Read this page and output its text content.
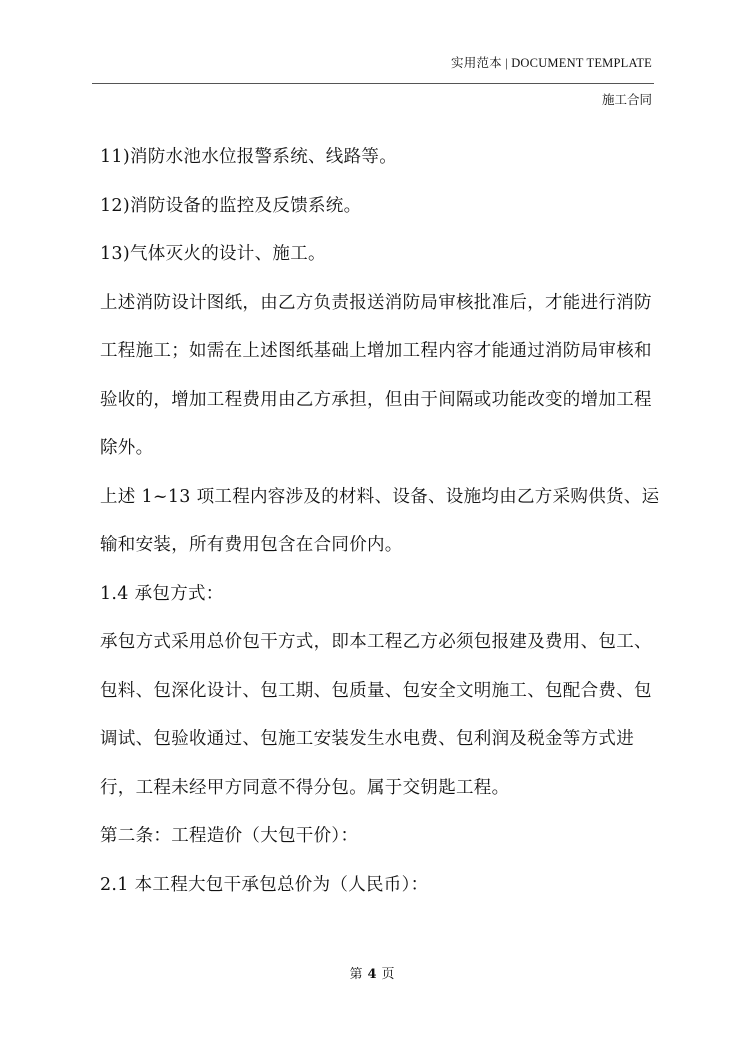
实用范本 | DOCUMENT TEMPLATE
施工合同

11)消防水池水位报警系统、线路等。

12)消防设备的监控及反馈系统。

13)气体灭火的设计、施工。

上述消防设计图纸，由乙方负责报送消防局审核批准后，才能进行消防工程施工；如需在上述图纸基础上增加工程内容才能通过消防局审核和验收的，增加工程费用由乙方承担，但由于间隔或功能改变的增加工程除外。

上述 1~13 项工程内容涉及的材料、设备、设施均由乙方采购供货、运输和安装，所有费用包含在合同价内。

1.4 承包方式：

承包方式采用总价包干方式，即本工程乙方必须包报建及费用、包工、包料、包深化设计、包工期、包质量、包安全文明施工、包配合费、包调试、包验收通过、包施工安装发生水电费、包利润及税金等方式进行，工程未经甲方同意不得分包。属于交钥匙工程。

第二条：工程造价（大包干价）：

2.1 本工程大包干承包总价为（人民币）：

第 4 页
